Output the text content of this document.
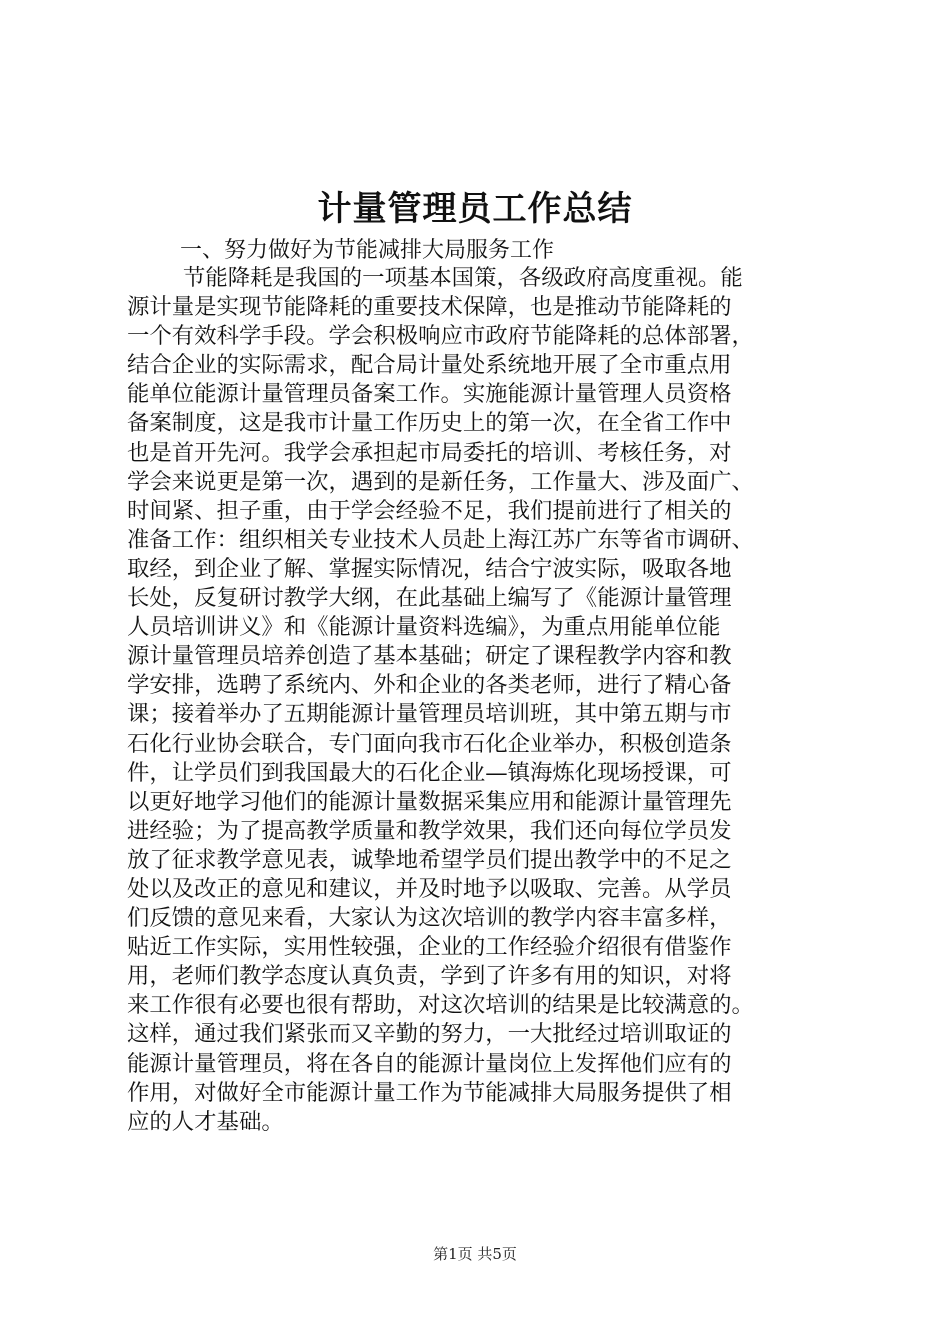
计量管理员工作总结
一、努力做好为节能减排大局服务工作
节能降耗是我国的一项基本国策，各级政府高度重视。能
源计量是实现节能降耗的重要技术保障，也是推动节能降耗的
一个有效科学手段。学会积极响应市政府节能降耗的总体部署，
结合企业的实际需求，配合局计量处系统地开展了全市重点用
能单位能源计量管理员备案工作。实施能源计量管理人员资格
备案制度，这是我市计量工作历史上的第一次，在全省工作中
也是首开先河。我学会承担起市局委托的培训、考核任务，对
学会来说更是第一次，遇到的是新任务，工作量大、涉及面广、
时间紧、担子重，由于学会经验不足，我们提前进行了相关的
准备工作：组织相关专业技术人员赴上海江苏广东等省市调研、
取经，到企业了解、掌握实际情况，结合宁波实际，吸取各地
长处，反复研讨教学大纲，在此基础上编写了《能源计量管理
人员培训讲义》和《能源计量资料选编》，为重点用能单位能
源计量管理员培养创造了基本基础；研定了课程教学内容和教
学安排，选聘了系统内、外和企业的各类老师，进行了精心备
课；接着举办了五期能源计量管理员培训班，其中第五期与市
石化行业协会联合，专门面向我市石化企业举办，积极创造条
件，让学员们到我国最大的石化企业—镇海炼化现场授课，可
以更好地学习他们的能源计量数据采集应用和能源计量管理先
进经验；为了提高教学质量和教学效果，我们还向每位学员发
放了征求教学意见表，诚挚地希望学员们提出教学中的不足之
处以及改正的意见和建议，并及时地予以吸取、完善。从学员
们反馈的意见来看，大家认为这次培训的教学内容丰富多样，
贴近工作实际，实用性较强，企业的工作经验介绍很有借鉴作
用，老师们教学态度认真负责，学到了许多有用的知识，对将
来工作很有必要也很有帮助，对这次培训的结果是比较满意的。
这样，通过我们紧张而又辛勤的努力，一大批经过培训取证的
能源计量管理员，将在各自的能源计量岗位上发挥他们应有的
作用，对做好全市能源计量工作为节能减排大局服务提供了相
应的人才基础。
第1页 共5页
